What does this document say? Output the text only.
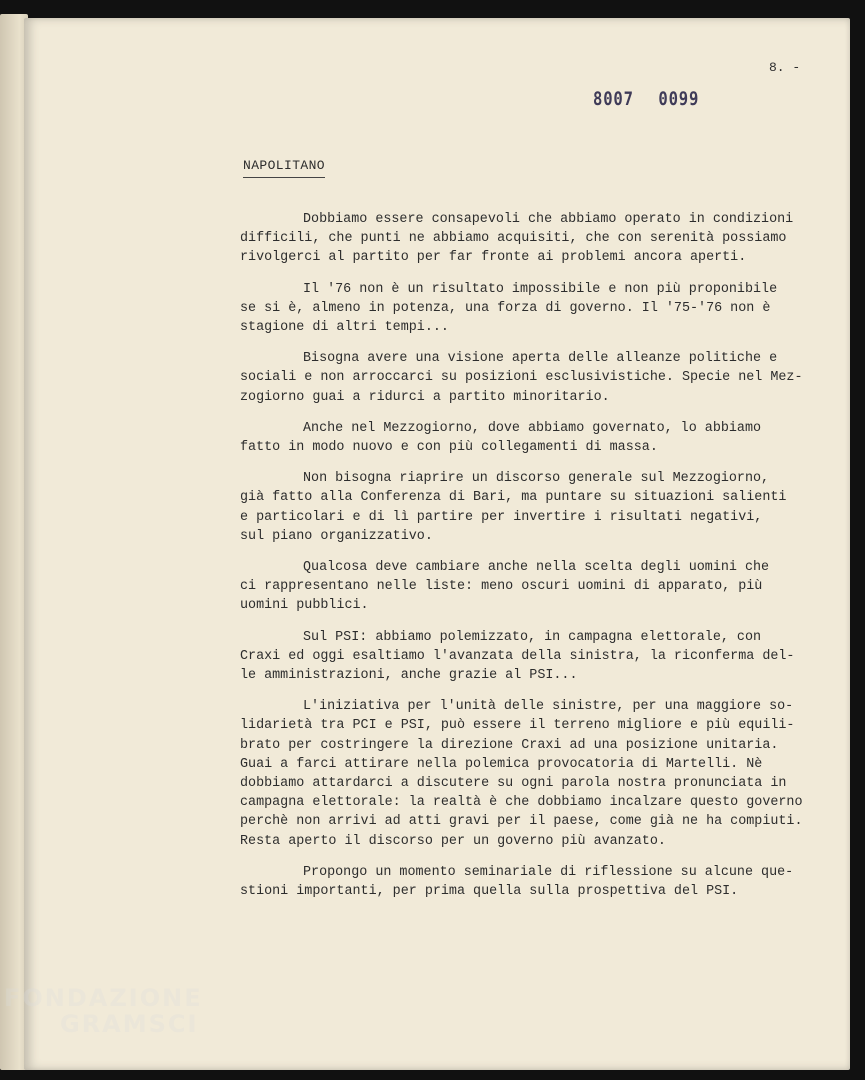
8. -
8007 0099
NAPOLITANO

Dobbiamo essere consapevoli che abbiamo operato in condizioni
difficili, che punti ne abbiamo acquisiti, che con serenità possiamo
rivolgerci al partito per far fronte ai problemi ancora aperti.

Il '76 non è un risultato impossibile e non più proponibile
se si è, almeno in potenza, una forza di governo. Il '75-'76 non è
stagione di altri tempi...

Bisogna avere una visione aperta delle alleanze politiche e
sociali e non arroccarci su posizioni esclusivistiche. Specie nel Mez-
zogiorno guai a ridurci a partito minoritario.

Anche nel Mezzogiorno, dove abbiamo governato, lo abbiamo
fatto in modo nuovo e con più collegamenti di massa.

Non bisogna riaprire un discorso generale sul Mezzogiorno,
già fatto alla Conferenza di Bari, ma puntare su situazioni salienti
e particolari e di lì partire per invertire i risultati negativi,
sul piano organizzativo.

Qualcosa deve cambiare anche nella scelta degli uomini che
ci rappresentano nelle liste: meno oscuri uomini di apparato, più
uomini pubblici.

Sul PSI: abbiamo polemizzato, in campagna elettorale, con
Craxi ed oggi esaltiamo l'avanzata della sinistra, la riconferma del-
le amministrazioni, anche grazie al PSI...

L'iniziativa per l'unità delle sinistre, per una maggiore so-
lidarietà tra PCI e PSI, può essere il terreno migliore e più equili-
brato per costringere la direzione Craxi ad una posizione unitaria.
Guai a farci attirare nella polemica provocatoria di Martelli. Nè
dobbiamo attardarci a discutere su ogni parola nostra pronunciata in
campagna elettorale: la realtà è che dobbiamo incalzare questo governo
perchè non arrivi ad atti gravi per il paese, come già ne ha compiuti.
Resta aperto il discorso per un governo più avanzato.

Propongo un momento seminariale di riflessione su alcune que-
stioni importanti, per prima quella sulla prospettiva del PSI.

FONDAZIONE
GRAMSCI
